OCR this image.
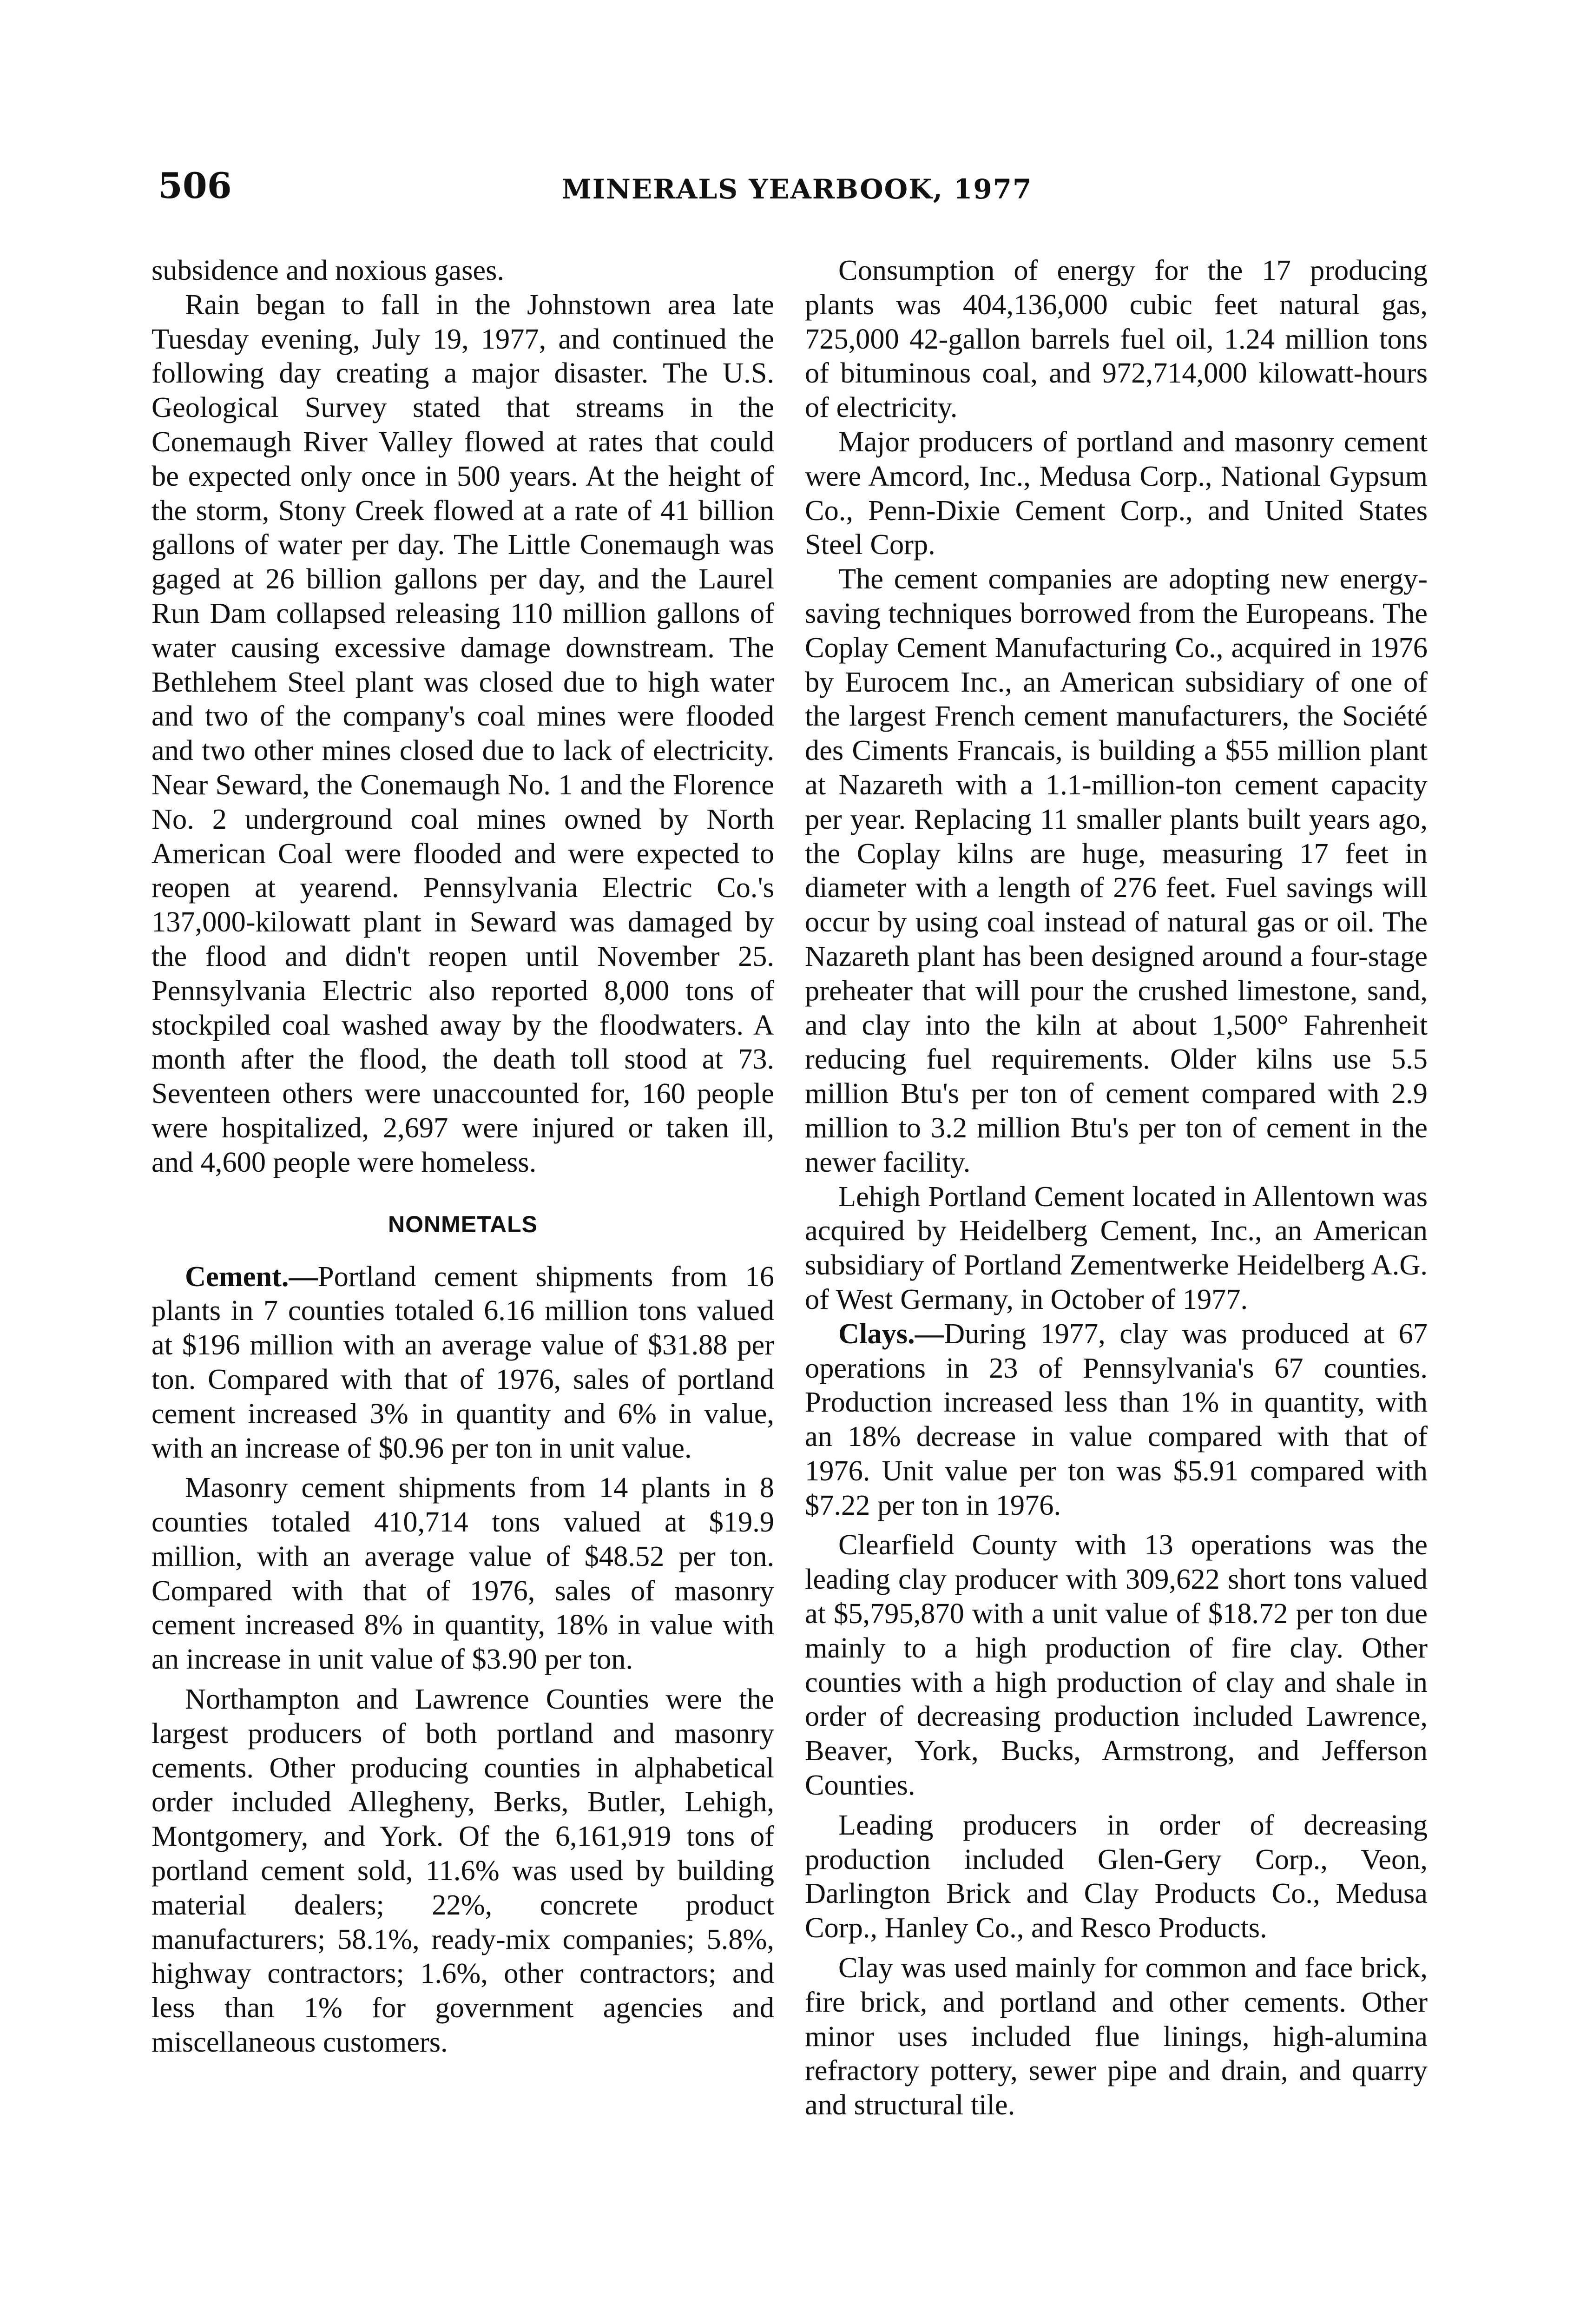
506	MINERALS YEARBOOK, 1977

subsidence and noxious gases.

Rain began to fall in the Johnstown area late Tuesday evening, July 19, 1977, and continued the following day creating a major disaster. The U.S. Geological Survey stated that streams in the Conemaugh River Valley flowed at rates that could be expected only once in 500 years. At the height of the storm, Stony Creek flowed at a rate of 41 billion gallons of water per day. The Little Conemaugh was gaged at 26 billion gallons per day, and the Laurel Run Dam collapsed releasing 110 million gallons of water causing excessive damage downstream. The Bethlehem Steel plant was closed due to high water and two of the company's coal mines were flooded and two other mines closed due to lack of electricity. Near Seward, the Conemaugh No. 1 and the Florence No. 2 underground coal mines owned by North American Coal were flooded and were expected to reopen at yearend. Pennsylvania Electric Co.'s 137,000-kilowatt plant in Seward was damaged by the flood and didn't reopen until November 25. Pennsylvania Electric also reported 8,000 tons of stockpiled coal washed away by the floodwaters. A month after the flood, the death toll stood at 73. Seventeen others were unaccounted for, 160 people were hospitalized, 2,697 were injured or taken ill, and 4,600 people were homeless.

NONMETALS

Cement.—Portland cement shipments from 16 plants in 7 counties totaled 6.16 million tons valued at $196 million with an average value of $31.88 per ton. Compared with that of 1976, sales of portland cement increased 3% in quantity and 6% in value, with an increase of $0.96 per ton in unit value.

Masonry cement shipments from 14 plants in 8 counties totaled 410,714 tons valued at $19.9 million, with an average value of $48.52 per ton. Compared with that of 1976, sales of masonry cement increased 8% in quantity, 18% in value with an increase in unit value of $3.90 per ton.

Northampton and Lawrence Counties were the largest producers of both portland and masonry cements. Other producing counties in alphabetical order included Allegheny, Berks, Butler, Lehigh, Montgomery, and York. Of the 6,161,919 tons of portland cement sold, 11.6% was used by building material dealers; 22%, concrete product manufacturers; 58.1%, ready-mix companies; 5.8%, highway contractors; 1.6%, other contractors; and less than 1% for government agencies and miscellaneous customers.

Consumption of energy for the 17 producing plants was 404,136,000 cubic feet natural gas, 725,000 42-gallon barrels fuel oil, 1.24 million tons of bituminous coal, and 972,714,000 kilowatt-hours of electricity.

Major producers of portland and masonry cement were Amcord, Inc., Medusa Corp., National Gypsum Co., Penn-Dixie Cement Corp., and United States Steel Corp.

The cement companies are adopting new energy-saving techniques borrowed from the Europeans. The Coplay Cement Manufacturing Co., acquired in 1976 by Eurocem Inc., an American subsidiary of one of the largest French cement manufacturers, the Société des Ciments Francais, is building a $55 million plant at Nazareth with a 1.1-million-ton cement capacity per year. Replacing 11 smaller plants built years ago, the Coplay kilns are huge, measuring 17 feet in diameter with a length of 276 feet. Fuel savings will occur by using coal instead of natural gas or oil. The Nazareth plant has been designed around a four-stage preheater that will pour the crushed limestone, sand, and clay into the kiln at about 1,500° Fahrenheit reducing fuel requirements. Older kilns use 5.5 million Btu's per ton of cement compared with 2.9 million to 3.2 million Btu's per ton of cement in the newer facility.

Lehigh Portland Cement located in Allentown was acquired by Heidelberg Cement, Inc., an American subsidiary of Portland Zementwerke Heidelberg A.G. of West Germany, in October of 1977.

Clays.—During 1977, clay was produced at 67 operations in 23 of Pennsylvania's 67 counties. Production increased less than 1% in quantity, with an 18% decrease in value compared with that of 1976. Unit value per ton was $5.91 compared with $7.22 per ton in 1976.

Clearfield County with 13 operations was the leading clay producer with 309,622 short tons valued at $5,795,870 with a unit value of $18.72 per ton due mainly to a high production of fire clay. Other counties with a high production of clay and shale in order of decreasing production included Lawrence, Beaver, York, Bucks, Armstrong, and Jefferson Counties.

Leading producers in order of decreasing production included Glen-Gery Corp., Veon, Darlington Brick and Clay Products Co., Medusa Corp., Hanley Co., and Resco Products.

Clay was used mainly for common and face brick, fire brick, and portland and other cements. Other minor uses included flue linings, high-alumina refractory pottery, sewer pipe and drain, and quarry and structural tile.
